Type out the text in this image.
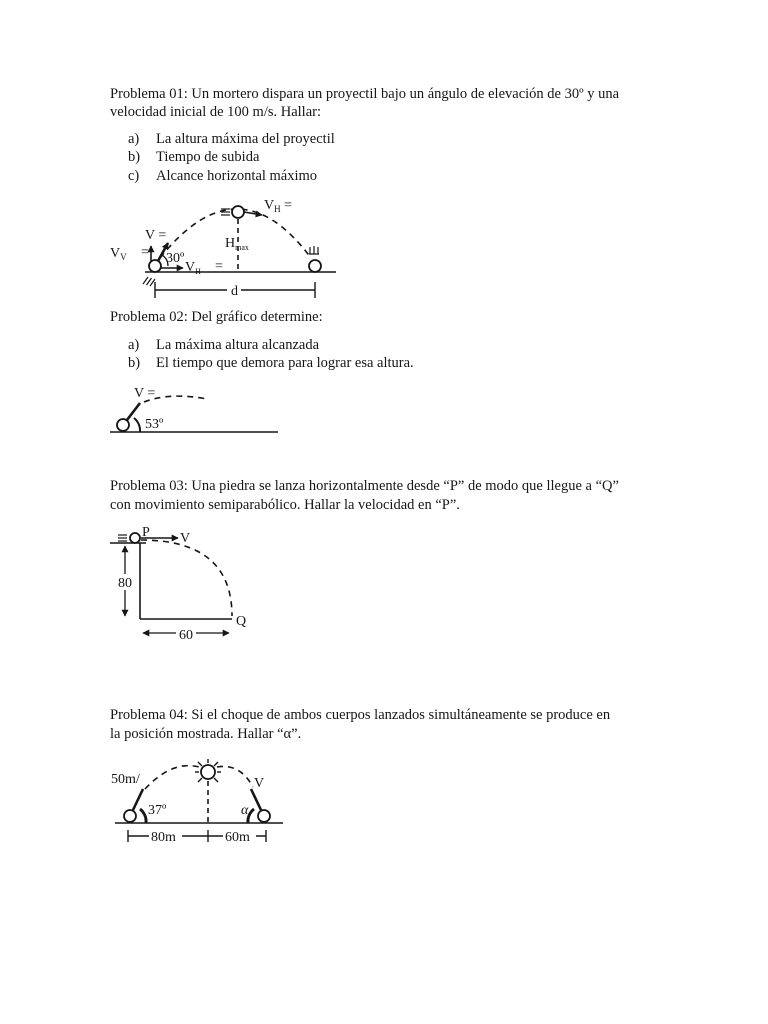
Problema 01: Un mortero dispara un proyectil bajo un ángulo de elevación de 30º y una
velocidad inicial de 100 m/s. Hallar:
a) La altura máxima del proyectil
b) Tiempo de subida
c) Alcance horizontal máximo
$V_H$ =
V =
$V_V$ = 30º
$V_H$ =
$H_{max}$
d
Problema 02: Del gráfico determine:
a) La máxima altura alcanzada
b) El tiempo que demora para lograr esa altura.
V =
53º
Problema 03: Una piedra se lanza horizontalmente desde “P” de modo que llegue a “Q”
con movimiento semiparabólico. Hallar la velocidad en “P”.
P V
80
60
Q
Problema 04: Si el choque de ambos cuerpos lanzados simultáneamente se produce en
la posición mostrada. Hallar “α”.
50m/
37º
V
α
80m	60m
